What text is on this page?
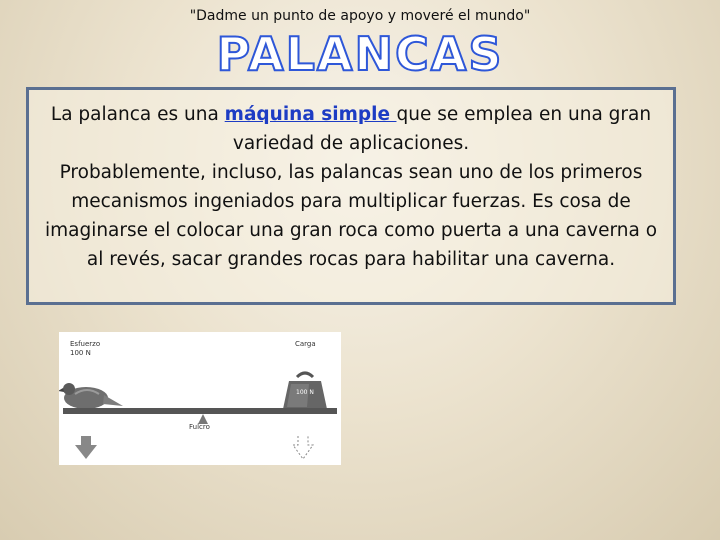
"Dadme un punto de apoyo y moveré el mundo"
PALANCAS

La palanca es una máquina simple que se emplea en una gran variedad de aplicaciones.

Probablemente, incluso, las palancas sean uno de los primeros mecanismos ingeniados para multiplicar fuerzas. Es cosa de imaginarse el colocar una gran roca como puerta a una caverna o al revés, sacar grandes rocas para habilitar una caverna.

Esfuerzo
100 N
Carga
100 N
Fulcro
